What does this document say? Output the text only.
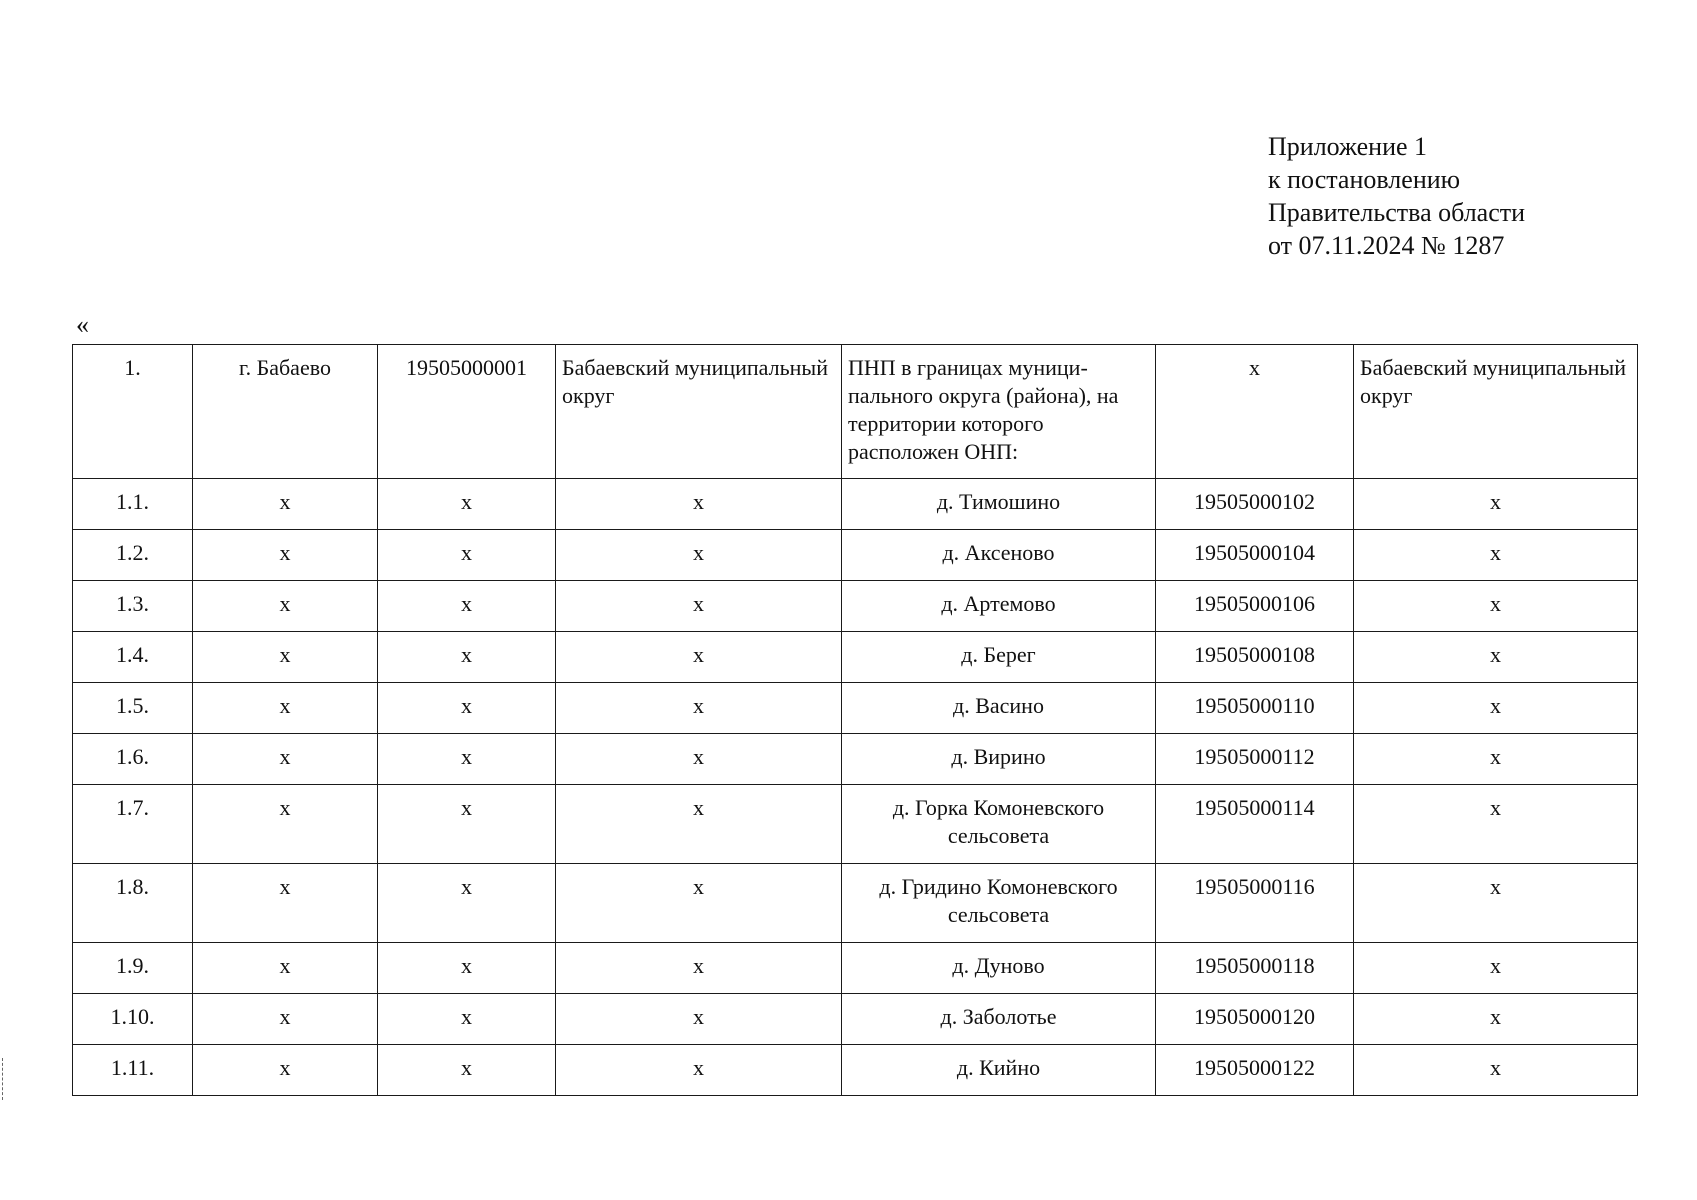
Приложение 1
к постановлению
Правительства области
от 07.11.2024 № 1287
«
1.	г. Бабаево	19505000001	Бабаевский муниципальный округ	ПНП в границах муници-пального округа (района), на территории которого расположен ОНП:	х	Бабаевский муниципальный округ
1.1.	х	х	х	д. Тимошино	19505000102	х
1.2.	х	х	х	д. Аксеново	19505000104	х
1.3.	х	х	х	д. Артемово	19505000106	х
1.4.	х	х	х	д. Берег	19505000108	х
1.5.	х	х	х	д. Васино	19505000110	х
1.6.	х	х	х	д. Вирино	19505000112	х
1.7.	х	х	х	д. Горка Комоневского сельсовета	19505000114	х
1.8.	х	х	х	д. Гридино Комоневского сельсовета	19505000116	х
1.9.	х	х	х	д. Дуново	19505000118	х
1.10.	х	х	х	д. Заболотье	19505000120	х
1.11.	х	х	х	д. Кийно	19505000122	х
